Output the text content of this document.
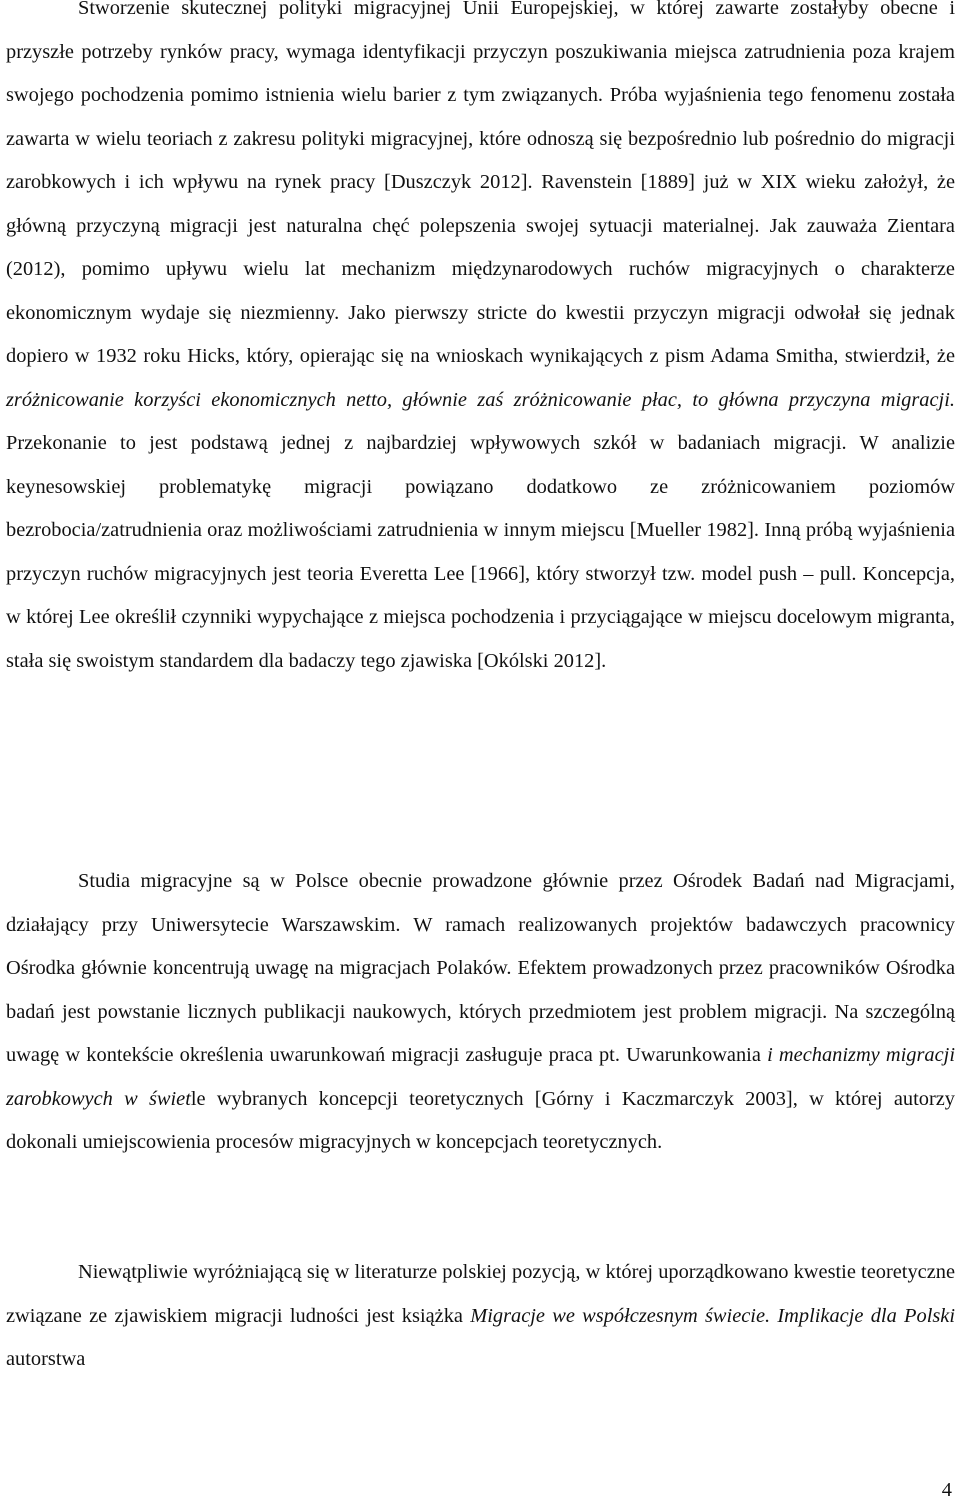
Stworzenie skutecznej polityki migracyjnej Unii Europejskiej, w której zawarte zostałyby obecne i przyszłe potrzeby rynków pracy, wymaga identyfikacji przyczyn poszukiwania miejsca zatrudnienia poza krajem swojego pochodzenia pomimo istnienia wielu barier z tym związanych. Próba wyjaśnienia tego fenomenu została zawarta w wielu teoriach z zakresu polityki migracyjnej, które odnoszą się bezpośrednio lub pośrednio do migracji zarobkowych i ich wpływu na rynek pracy [Duszczyk 2012]. Ravenstein [1889] już w XIX wieku założył, że główną przyczyną migracji jest naturalna chęć polepszenia swojej sytuacji materialnej. Jak zauważa Zientara (2012), pomimo upływu wielu lat mechanizm międzynarodowych ruchów migracyjnych o charakterze ekonomicznym wydaje się niezmienny. Jako pierwszy stricte do kwestii przyczyn migracji odwołał się jednak dopiero w 1932 roku Hicks, który, opierając się na wnioskach wynikających z pism Adama Smitha, stwierdził, że zróżnicowanie korzyści ekonomicznych netto, głównie zaś zróżnicowanie płac, to główna przyczyna migracji. Przekonanie to jest podstawą jednej z najbardziej wpływowych szkół w badaniach migracji. W analizie keynesowskiej problematykę migracji powiązano dodatkowo ze zróżnicowaniem poziomów bezrobocia/zatrudnienia oraz możliwościami zatrudnienia w innym miejscu [Mueller 1982]. Inną próbą wyjaśnienia przyczyn ruchów migracyjnych jest teoria Everetta Lee [1966], który stworzył tzw. model push – pull. Koncepcja, w której Lee określił czynniki wypychające z miejsca pochodzenia i przyciągające w miejscu docelowym migranta, stała się swoistym standardem dla badaczy tego zjawiska [Okólski 2012].

Studia migracyjne są w Polsce obecnie prowadzone głównie przez Ośrodek Badań nad Migracjami, działający przy Uniwersytecie Warszawskim. W ramach realizowanych projektów badawczych pracownicy Ośrodka głównie koncentrują uwagę na migracjach Polaków. Efektem prowadzonych przez pracowników Ośrodka badań jest powstanie licznych publikacji naukowych, których przedmiotem jest problem migracji. Na szczególną uwagę w kontekście określenia uwarunkowań migracji zasługuje praca pt. Uwarunkowania i mechanizmy migracji zarobkowych w świetle wybranych koncepcji teoretycznych [Górny i Kaczmarczyk 2003], w której autorzy dokonali umiejscowienia procesów migracyjnych w koncepcjach teoretycznych.

Niewątpliwie wyróżniającą się w literaturze polskiej pozycją, w której uporządkowano kwestie teoretyczne związane ze zjawiskiem migracji ludności jest książka Migracje we współczesnym świecie. Implikacje dla Polski autorstwa

4
